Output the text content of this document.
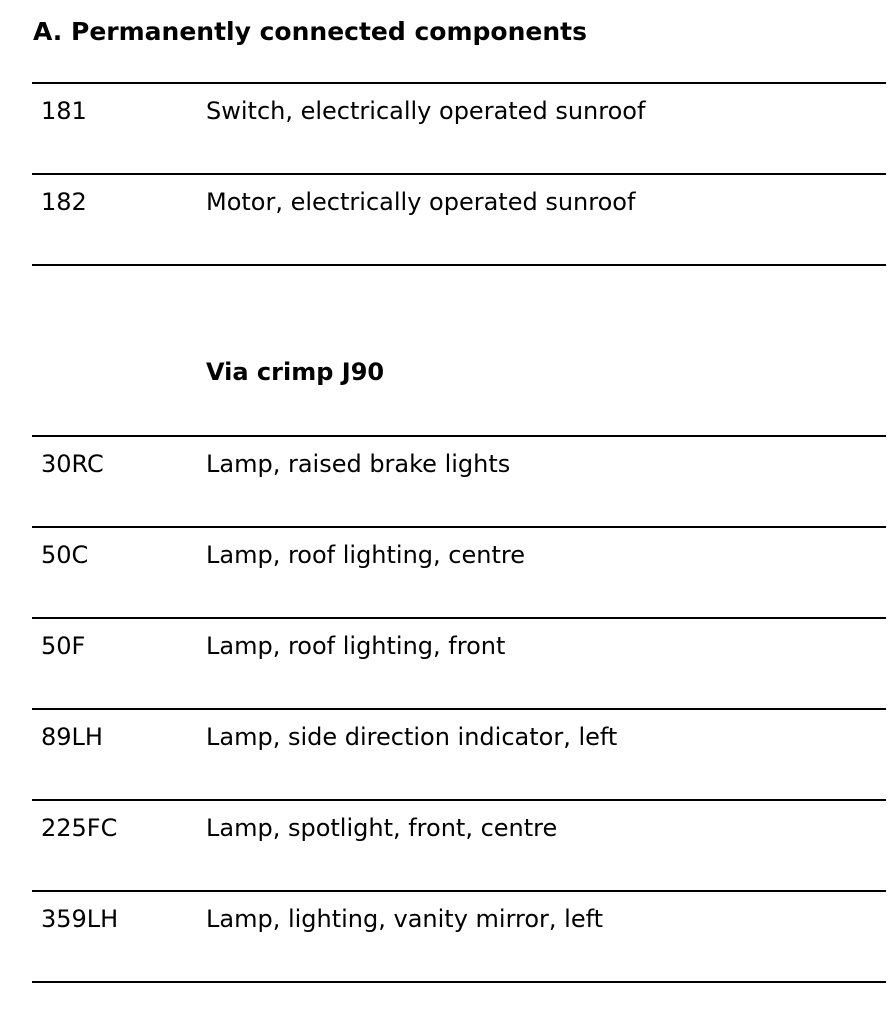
A. Permanently connected components
181	Switch, electrically operated sunroof
182	Motor, electrically operated sunroof
Via crimp J90
30RC	Lamp, raised brake lights
50C	Lamp, roof lighting, centre
50F	Lamp, roof lighting, front
89LH	Lamp, side direction indicator, left
225FC	Lamp, spotlight, front, centre
359LH	Lamp, lighting, vanity mirror, left
